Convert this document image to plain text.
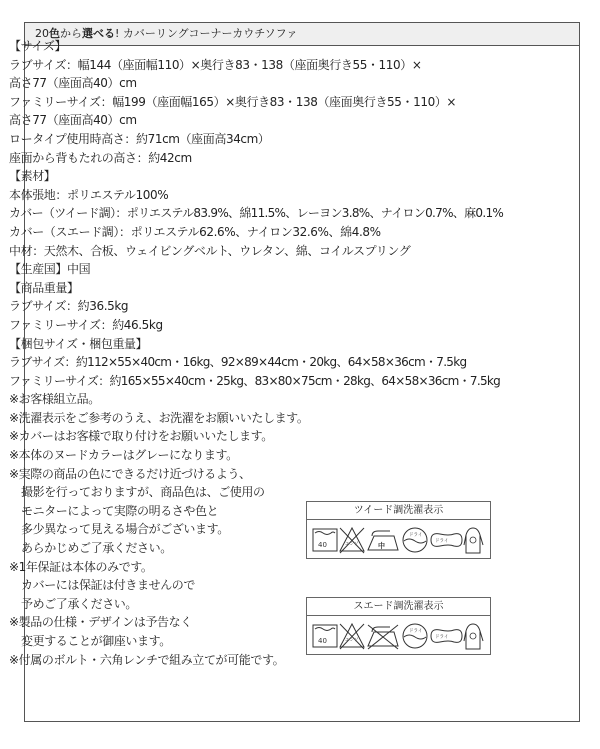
20色から選べる! カバーリングコーナーカウチソファ
【サイズ】
ラブサイズ：幅144（座面幅110）×奥行き83・138（座面奥行き55・110）×
高さ77（座面高40）cm
ファミリーサイズ：幅199（座面幅165）×奥行き83・138（座面奥行き55・110）×
高さ77（座面高40）cm
ロータイプ使用時高さ：約71cm（座面高34cm）
座面から背もたれの高さ：約42cm
【素材】
本体張地：ポリエステル100%
カバー（ツイード調）：ポリエステル83.9%、綿11.5%、レーヨン3.8%、ナイロン0.7%、麻0.1%
カバー（スエード調）：ポリエステル62.6%、ナイロン32.6%、綿4.8%
中材：天然木、合板、ウェイビングベルト、ウレタン、綿、コイルスプリング
【生産国】中国
【商品重量】
ラブサイズ：約36.5kg
ファミリーサイズ：約46.5kg
【梱包サイズ・梱包重量】
ラブサイズ：約112×55×40cm・16kg、92×89×44cm・20kg、64×58×36cm・7.5kg
ファミリーサイズ：約165×55×40cm・25kg、83×80×75cm・28kg、64×58×36cm・7.5kg
※お客様組立品。
※洗濯表示をご参考のうえ、お洗濯をお願いいたします。
※カバーはお客様で取り付けをお願いいたします。
※本体のヌードカラーはグレーになります。
※実際の商品の色にできるだけ近づけるよう、
撮影を行っておりますが、商品色は、ご使用の
モニターによって実際の明るさや色と
多少異なって見える場合がございます。
あらかじめご了承ください。
※1年保証は本体のみです。
カバーには保証は付きませんので
予めご了承ください。
※製品の仕様・デザインは予告なく
変更することが御座います。
※付属のボルト・六角レンチで組み立てが可能です。
ツイード調洗濯表示
40	エンソ	中
ドライ
ドライ
スエード調洗濯表示
40	エンソ
ドライ
ドライ
